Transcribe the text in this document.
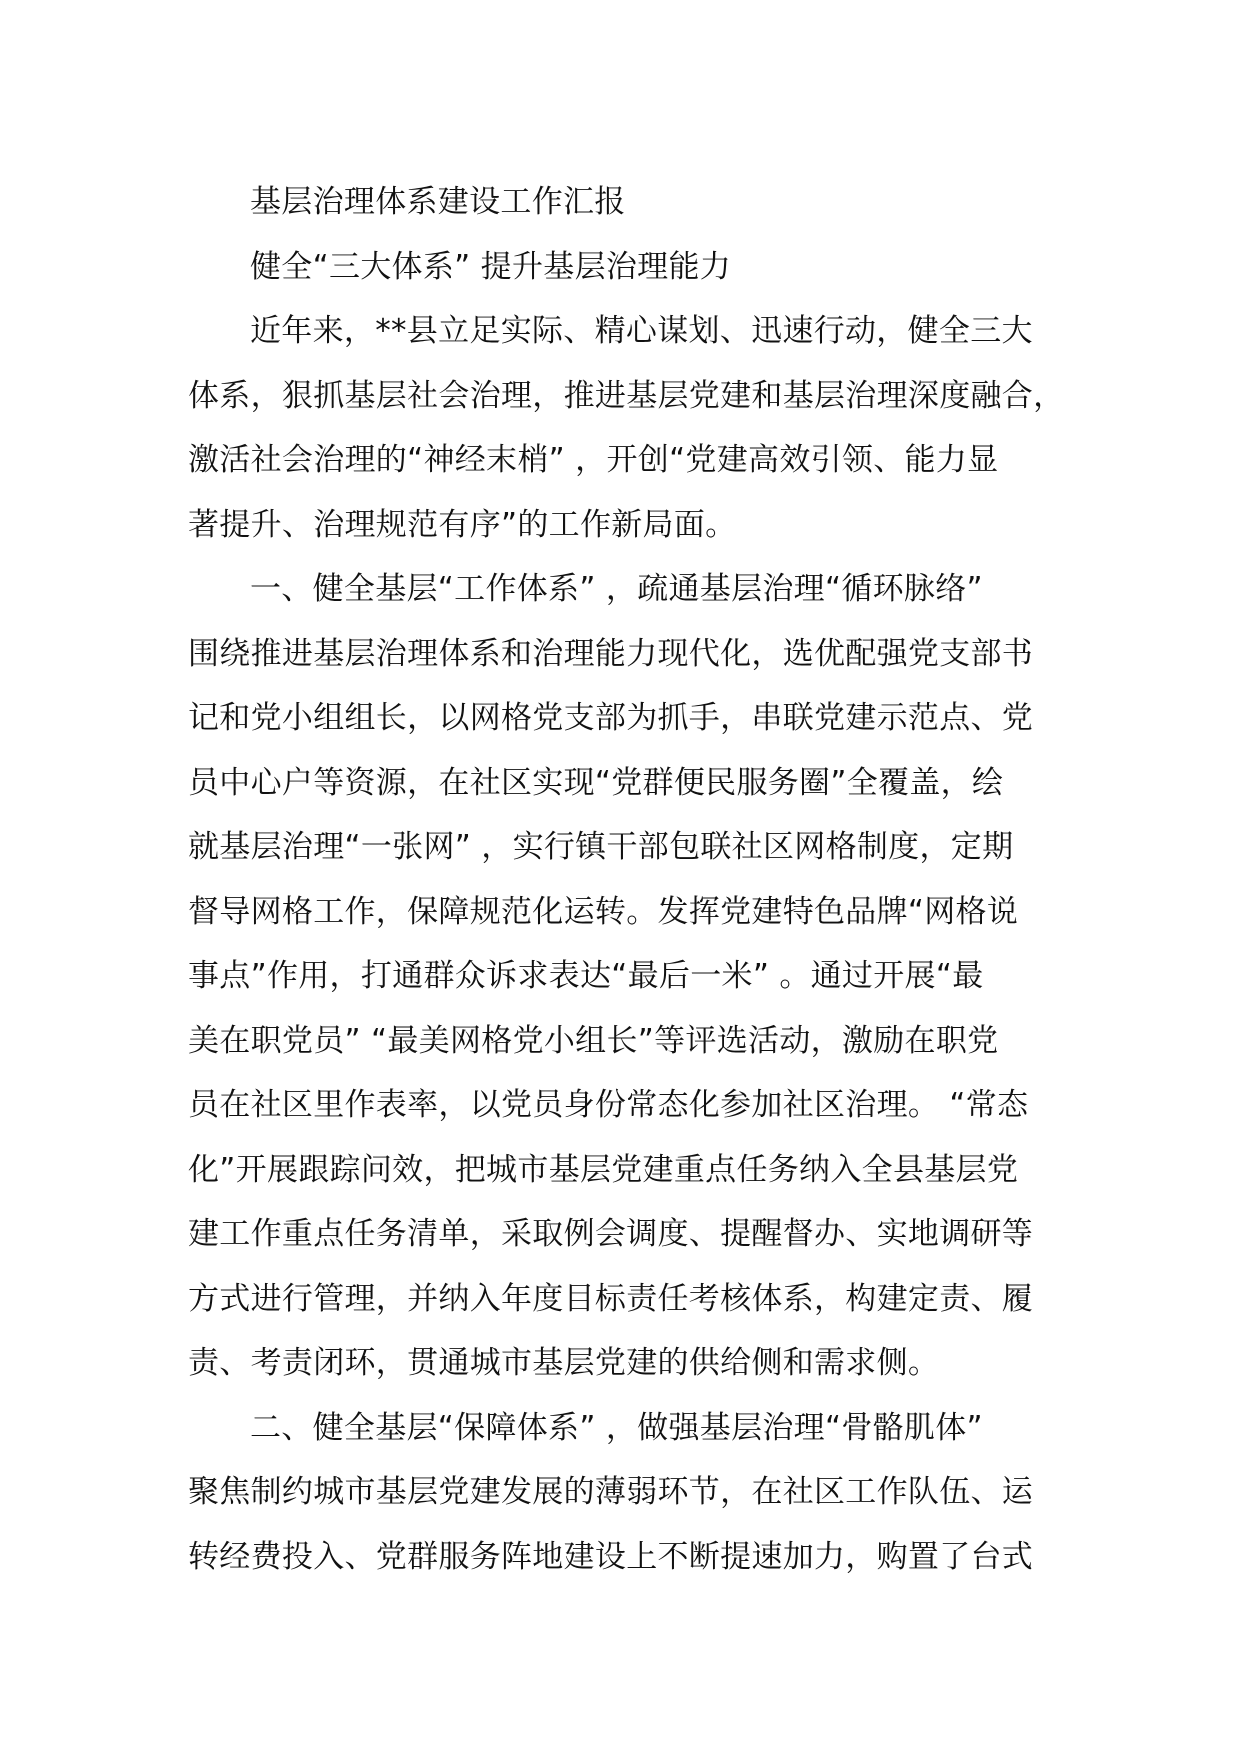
基层治理体系建设工作汇报
健全“三大体系” 提升基层治理能力
近年来，**县立足实际、精心谋划、迅速行动，健全三大
体系，狠抓基层社会治理，推进基层党建和基层治理深度融合，
激活社会治理的“神经末梢” ，开创“党建高效引领、能力显
著提升、治理规范有序”的工作新局面。
一、健全基层“工作体系” ，疏通基层治理“循环脉络”
围绕推进基层治理体系和治理能力现代化，选优配强党支部书
记和党小组组长，以网格党支部为抓手，串联党建示范点、党
员中心户等资源，在社区实现“党群便民服务圈”全覆盖，绘
就基层治理“一张网” ，实行镇干部包联社区网格制度，定期
督导网格工作，保障规范化运转。发挥党建特色品牌“网格说
事点”作用，打通群众诉求表达“最后一米” 。通过开展“最
美在职党员” “最美网格党小组长”等评选活动，激励在职党
员在社区里作表率，以党员身份常态化参加社区治理。 “常态
化”开展跟踪问效，把城市基层党建重点任务纳入全县基层党
建工作重点任务清单，采取例会调度、提醒督办、实地调研等
方式进行管理，并纳入年度目标责任考核体系，构建定责、履
责、考责闭环，贯通城市基层党建的供给侧和需求侧。
二、健全基层“保障体系” ，做强基层治理“骨骼肌体”
聚焦制约城市基层党建发展的薄弱环节，在社区工作队伍、运
转经费投入、党群服务阵地建设上不断提速加力，购置了台式
